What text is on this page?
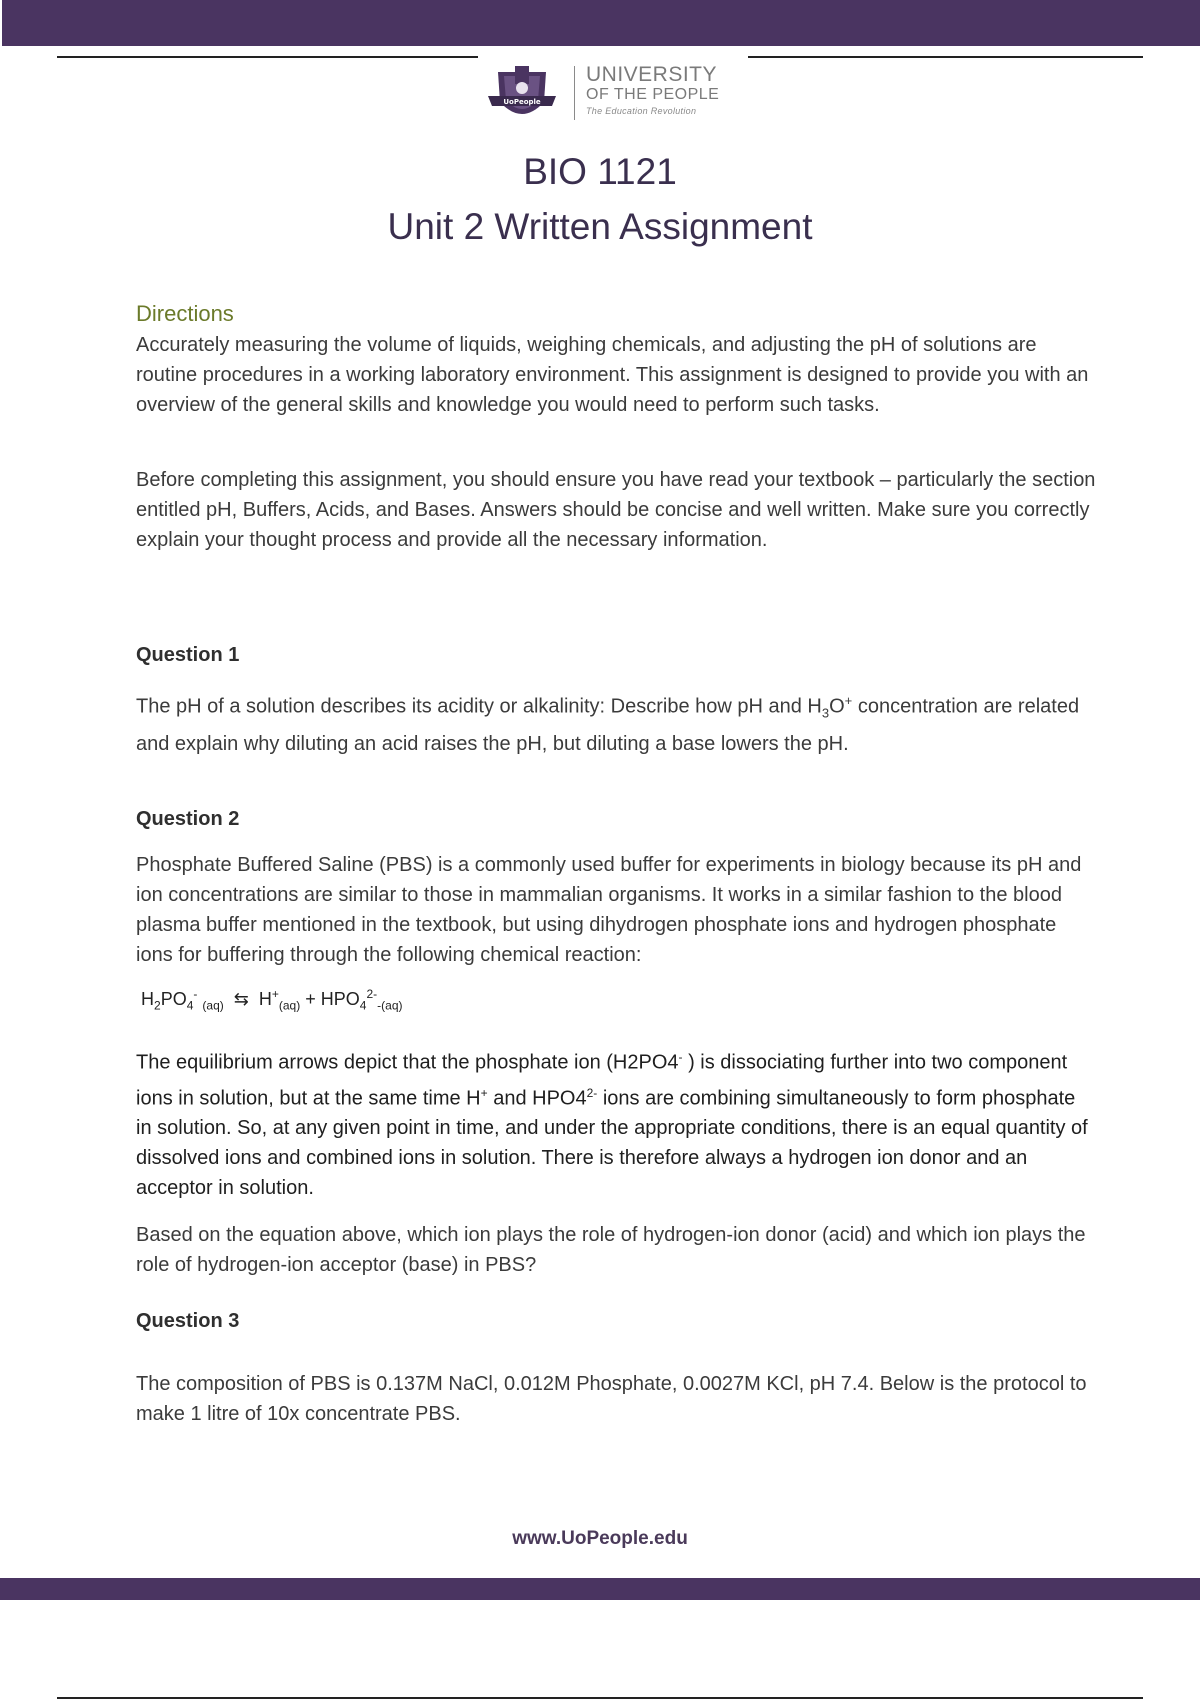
UoPeople
UNIVERSITY
OF THE PEOPLE
The Education Revolution
BIO 1121
Unit 2 Written Assignment
Directions

Accurately measuring the volume of liquids, weighing chemicals, and adjusting the pH of solutions are routine procedures in a working laboratory environment. This assignment is designed to provide you with an overview of the general skills and knowledge you would need to perform such tasks.

Before completing this assignment, you should ensure you have read your textbook – particularly the section entitled pH, Buffers, Acids, and Bases. Answers should be concise and well written. Make sure you correctly explain your thought process and provide all the necessary information.

Question 1

The pH of a solution describes its acidity or alkalinity: Describe how pH and $H_3O^+$ concentration are related and explain why diluting an acid raises the pH, but diluting a base lowers the pH.

Question 2

Phosphate Buffered Saline (PBS) is a commonly used buffer for experiments in biology because its pH and ion concentrations are similar to those in mammalian organisms. It works in a similar fashion to the blood plasma buffer mentioned in the textbook, but using dihydrogen phosphate ions and hydrogen phosphate ions for buffering through the following chemical reaction:

$H_2PO_4^-$ $_{(aq)}$ ⇆ $H^+_{(aq)} + HPO_4^{2-}_{-(aq)}$

The equilibrium arrows depict that the phosphate ion (H2PO4- ) is dissociating further into two component ions in solution, but at the same time H+ and $HPO4^{2-}$ ions are combining simultaneously to form phosphate in solution. So, at any given point in time, and under the appropriate conditions, there is an equal quantity of dissolved ions and combined ions in solution. There is therefore always a hydrogen ion donor and an acceptor in solution.

Based on the equation above, which ion plays the role of hydrogen-ion donor (acid) and which ion plays the role of hydrogen-ion acceptor (base) in PBS?

Question 3

The composition of PBS is 0.137M NaCl, 0.012M Phosphate, 0.0027M KCl, pH 7.4. Below is the protocol to make 1 litre of 10x concentrate PBS.

www.UoPeople.edu
